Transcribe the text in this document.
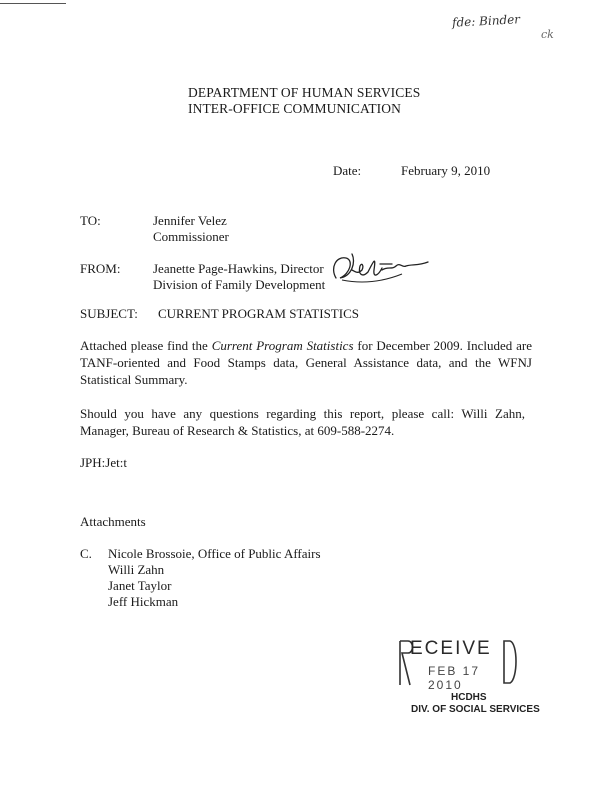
fde: Binder
ck
DEPARTMENT OF HUMAN SERVICES
INTER-OFFICE COMMUNICATION
Date:	February 9, 2010
TO:	Jennifer Velez
Commissioner
FROM:	Jeanette Page-Hawkins, Director
Division of Family Development
SUBJECT: CURRENT PROGRAM STATISTICS
Attached please find the Current Program Statistics for December 2009. Included are TANF-oriented and Food Stamps data, General Assistance data, and the WFNJ Statistical Summary.
Should you have any questions regarding this report, please call: Willi Zahn, Manager, Bureau of Research & Statistics, at 609-588-2274.
JPH:Jet:t
Attachments
C. Nicole Brossoie, Office of Public Affairs
Willi Zahn
Janet Taylor
Jeff Hickman
ECEIVE
FEB 17 2010
HCDHS
DIV. OF SOCIAL SERVICES
